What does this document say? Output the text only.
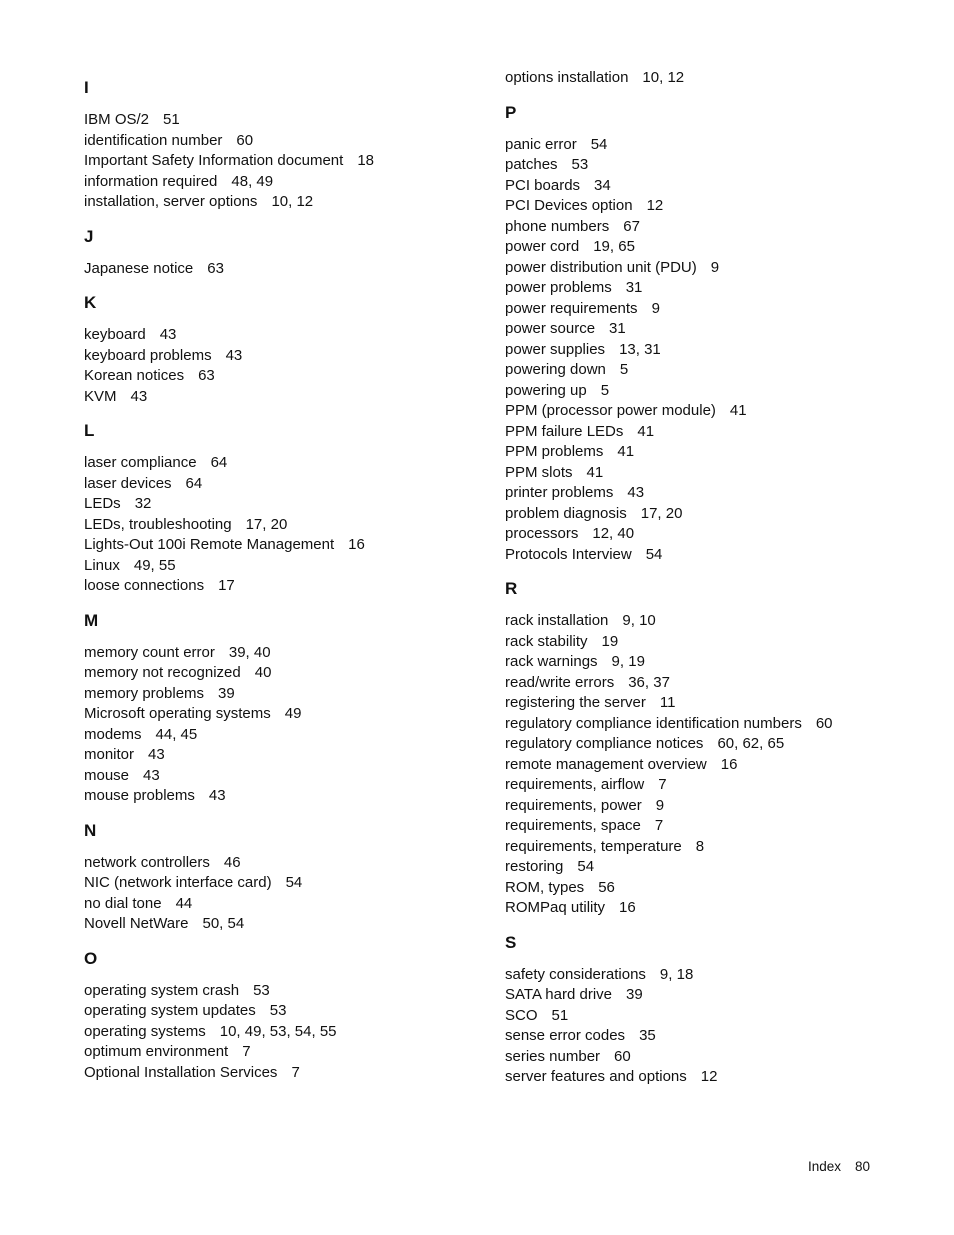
I
IBM OS/2 51
identification number 60
Important Safety Information document 18
information required 48, 49
installation, server options 10, 12
J
Japanese notice 63
K
keyboard 43
keyboard problems 43
Korean notices 63
KVM 43
L
laser compliance 64
laser devices 64
LEDs 32
LEDs, troubleshooting 17, 20
Lights-Out 100i Remote Management 16
Linux 49, 55
loose connections 17
M
memory count error 39, 40
memory not recognized 40
memory problems 39
Microsoft operating systems 49
modems 44, 45
monitor 43
mouse 43
mouse problems 43
N
network controllers 46
NIC (network interface card) 54
no dial tone 44
Novell NetWare 50, 54
O
operating system crash 53
operating system updates 53
operating systems 10, 49, 53, 54, 55
optimum environment 7
Optional Installation Services 7
options installation 10, 12
P
panic error 54
patches 53
PCI boards 34
PCI Devices option 12
phone numbers 67
power cord 19, 65
power distribution unit (PDU) 9
power problems 31
power requirements 9
power source 31
power supplies 13, 31
powering down 5
powering up 5
PPM (processor power module) 41
PPM failure LEDs 41
PPM problems 41
PPM slots 41
printer problems 43
problem diagnosis 17, 20
processors 12, 40
Protocols Interview 54
R
rack installation 9, 10
rack stability 19
rack warnings 9, 19
read/write errors 36, 37
registering the server 11
regulatory compliance identification numbers 60
regulatory compliance notices 60, 62, 65
remote management overview 16
requirements, airflow 7
requirements, power 9
requirements, space 7
requirements, temperature 8
restoring 54
ROM, types 56
ROMPaq utility 16
S
safety considerations 9, 18
SATA hard drive 39
SCO 51
sense error codes 35
series number 60
server features and options 12
Index 80
